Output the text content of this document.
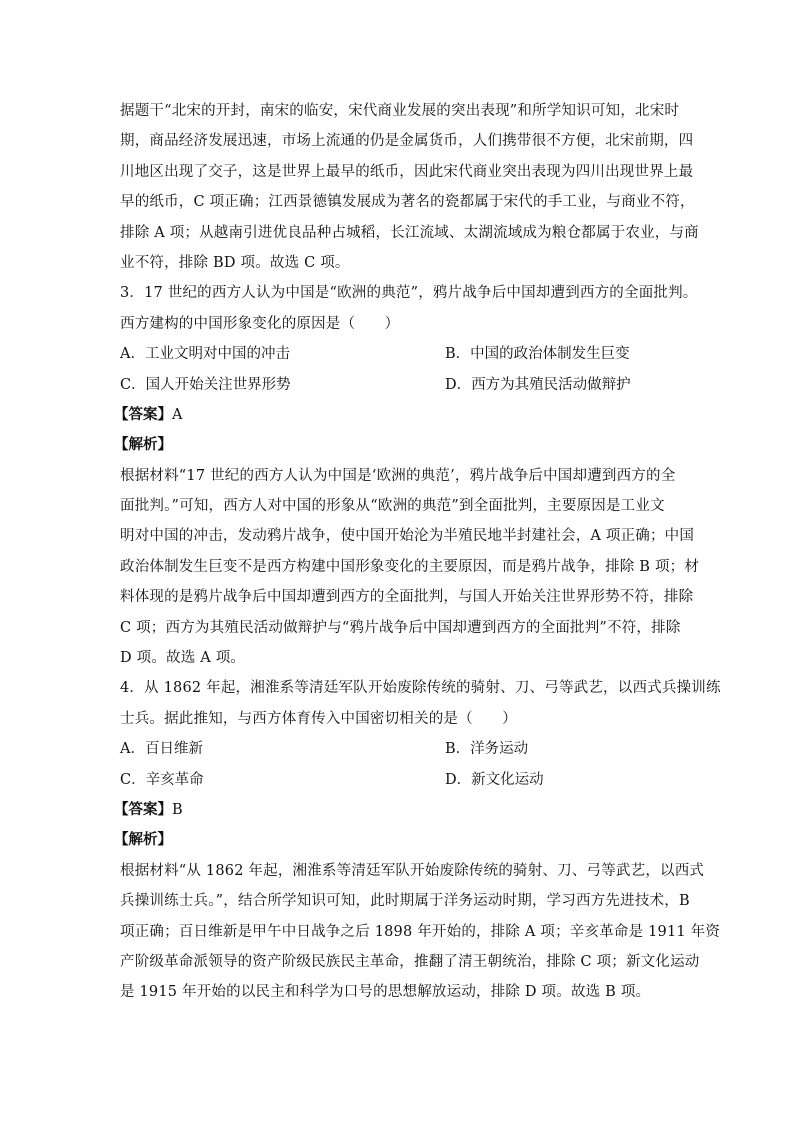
据题干“北宋的开封，南宋的临安，宋代商业发展的突出表现”和所学知识可知，北宋时
期，商品经济发展迅速，市场上流通的仍是金属货币，人们携带很不方便，北宋前期，四
川地区出现了交子，这是世界上最早的纸币，因此宋代商业突出表现为四川出现世界上最
早的纸币，C 项正确；江西景德镇发展成为著名的瓷都属于宋代的手工业，与商业不符，
排除 A 项；从越南引进优良品种占城稻，长江流域、太湖流域成为粮仓都属于农业，与商
业不符，排除 BD 项。故选 C 项。
3．17 世纪的西方人认为中国是“欧洲的典范”，鸦片战争后中国却遭到西方的全面批判。
西方建构的中国形象变化的原因是（　　）
A．工业文明对中国的冲击	B．中国的政治体制发生巨变
C．国人开始关注世界形势	D．西方为其殖民活动做辩护
【答案】A
【解析】
根据材料“17 世纪的西方人认为中国是‘欧洲的典范’，鸦片战争后中国却遭到西方的全
面批判。”可知，西方人对中国的形象从“欧洲的典范”到全面批判，主要原因是工业文
明对中国的冲击，发动鸦片战争，使中国开始沦为半殖民地半封建社会，A 项正确；中国
政治体制发生巨变不是西方构建中国形象变化的主要原因，而是鸦片战争，排除 B 项；材
料体现的是鸦片战争后中国却遭到西方的全面批判，与国人开始关注世界形势不符，排除
C 项；西方为其殖民活动做辩护与“鸦片战争后中国却遭到西方的全面批判”不符，排除
D 项。故选 A 项。
4．从 1862 年起，湘淮系等清廷军队开始废除传统的骑射、刀、弓等武艺，以西式兵操训练
士兵。据此推知，与西方体育传入中国密切相关的是（　　）
A．百日维新	B．洋务运动
C．辛亥革命	D．新文化运动
【答案】B
【解析】
根据材料“从 1862 年起，湘淮系等清廷军队开始废除传统的骑射、刀、弓等武艺，以西式
兵操训练士兵。”，结合所学知识可知，此时期属于洋务运动时期，学习西方先进技术，B
项正确；百日维新是甲午中日战争之后 1898 年开始的，排除 A 项；辛亥革命是 1911 年资
产阶级革命派领导的资产阶级民族民主革命，推翻了清王朝统治，排除 C 项；新文化运动
是 1915 年开始的以民主和科学为口号的思想解放运动，排除 D 项。故选 B 项。
